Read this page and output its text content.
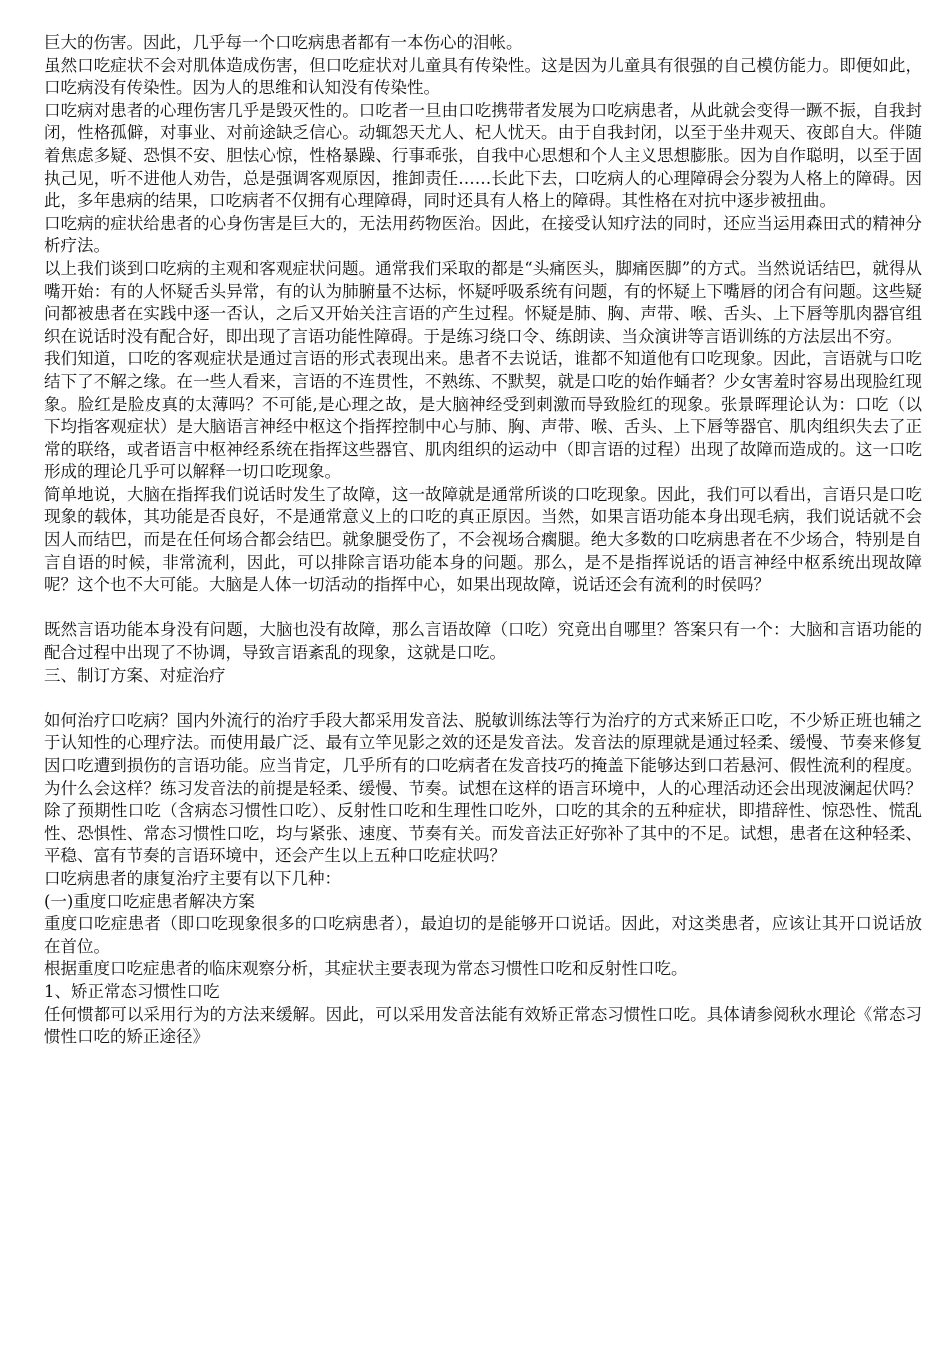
巨大的伤害。因此，几乎每一个口吃病患者都有一本伤心的泪帐。

虽然口吃症状不会对肌体造成伤害，但口吃症状对儿童具有传染性。这是因为儿童具有很强的自己模仿能力。即便如此，口吃病没有传染性。因为人的思维和认知没有传染性。

口吃病对患者的心理伤害几乎是毁灭性的。口吃者一旦由口吃携带者发展为口吃病患者，从此就会变得一蹶不振，自我封闭，性格孤僻，对事业、对前途缺乏信心。动辄怨天尤人、杞人忧天。由于自我封闭，以至于坐井观天、夜郎自大。伴随着焦虑多疑、恐惧不安、胆怯心惊，性格暴躁、行事乖张，自我中心思想和个人主义思想膨胀。因为自作聪明，以至于固执己见，听不进他人劝告，总是强调客观原因，推卸责任……长此下去，口吃病人的心理障碍会分裂为人格上的障碍。因此，多年患病的结果，口吃病者不仅拥有心理障碍，同时还具有人格上的障碍。其性格在对抗中逐步被扭曲。

口吃病的症状给患者的心身伤害是巨大的，无法用药物医治。因此，在接受认知疗法的同时，还应当运用森田式的精神分析疗法。

以上我们谈到口吃病的主观和客观症状问题。通常我们采取的都是“头痛医头，脚痛医脚”的方式。当然说话结巴，就得从嘴开始：有的人怀疑舌头异常，有的认为肺腑量不达标，怀疑呼吸系统有问题，有的怀疑上下嘴唇的闭合有问题。这些疑问都被患者在实践中逐一否认，之后又开始关注言语的产生过程。怀疑是肺、胸、声带、喉、舌头、上下唇等肌肉器官组织在说话时没有配合好，即出现了言语功能性障碍。于是练习绕口令、练朗读、当众演讲等言语训练的方法层出不穷。

我们知道，口吃的客观症状是通过言语的形式表现出来。患者不去说话，谁都不知道他有口吃现象。因此，言语就与口吃结下了不解之缘。在一些人看来，言语的不连贯性，不熟练、不默契，就是口吃的始作蛹者？少女害羞时容易出现脸红现象。脸红是脸皮真的太薄吗？不可能,是心理之故，是大脑神经受到刺激而导致脸红的现象。张景晖理论认为：口吃（以下均指客观症状）是大脑语言神经中枢这个指挥控制中心与肺、胸、声带、喉、舌头、上下唇等器官、肌肉组织失去了正常的联络，或者语言中枢神经系统在指挥这些器官、肌肉组织的运动中（即言语的过程）出现了故障而造成的。这一口吃形成的理论几乎可以解释一切口吃现象。

简单地说，大脑在指挥我们说话时发生了故障，这一故障就是通常所谈的口吃现象。因此，我们可以看出，言语只是口吃现象的载体，其功能是否良好，不是通常意义上的口吃的真正原因。当然，如果言语功能本身出现毛病，我们说话就不会因人而结巴，而是在任何场合都会结巴。就象腿受伤了，不会视场合瘸腿。绝大多数的口吃病患者在不少场合，特别是自言自语的时候，非常流利，因此，可以排除言语功能本身的问题。那么，是不是指挥说话的语言神经中枢系统出现故障呢？这个也不大可能。大脑是人体一切活动的指挥中心，如果出现故障，说话还会有流利的时侯吗？

既然言语功能本身没有问题，大脑也没有故障，那么言语故障（口吃）究竟出自哪里？答案只有一个：大脑和言语功能的配合过程中出现了不协调，导致言语紊乱的现象，这就是口吃。

三、制订方案、对症治疗

如何治疗口吃病？国内外流行的治疗手段大都采用发音法、脱敏训练法等行为治疗的方式来矫正口吃，不少矫正班也辅之于认知性的心理疗法。而使用最广泛、最有立竿见影之效的还是发音法。发音法的原理就是通过轻柔、缓慢、节奏来修复因口吃遭到损伤的言语功能。应当肯定，几乎所有的口吃病者在发音技巧的掩盖下能够达到口若悬河、假性流利的程度。为什么会这样？练习发音法的前提是轻柔、缓慢、节奏。试想在这样的语言环境中，人的心理活动还会出现波澜起伏吗？除了预期性口吃（含病态习惯性口吃）、反射性口吃和生理性口吃外，口吃的其余的五种症状，即措辞性、惊恐性、慌乱性、恐惧性、常态习惯性口吃，均与紧张、速度、节奏有关。而发音法正好弥补了其中的不足。试想，患者在这种轻柔、平稳、富有节奏的言语环境中，还会产生以上五种口吃症状吗？

口吃病患者的康复治疗主要有以下几种：

(一)重度口吃症患者解决方案

重度口吃症患者（即口吃现象很多的口吃病患者），最迫切的是能够开口说话。因此，对这类患者，应该让其开口说话放在首位。

根据重度口吃症患者的临床观察分析，其症状主要表现为常态习惯性口吃和反射性口吃。

1、矫正常态习惯性口吃

任何惯都可以采用行为的方法来缓解。因此，可以采用发音法能有效矫正常态习惯性口吃。具体请参阅秋水理论《常态习惯性口吃的矫正途径》
